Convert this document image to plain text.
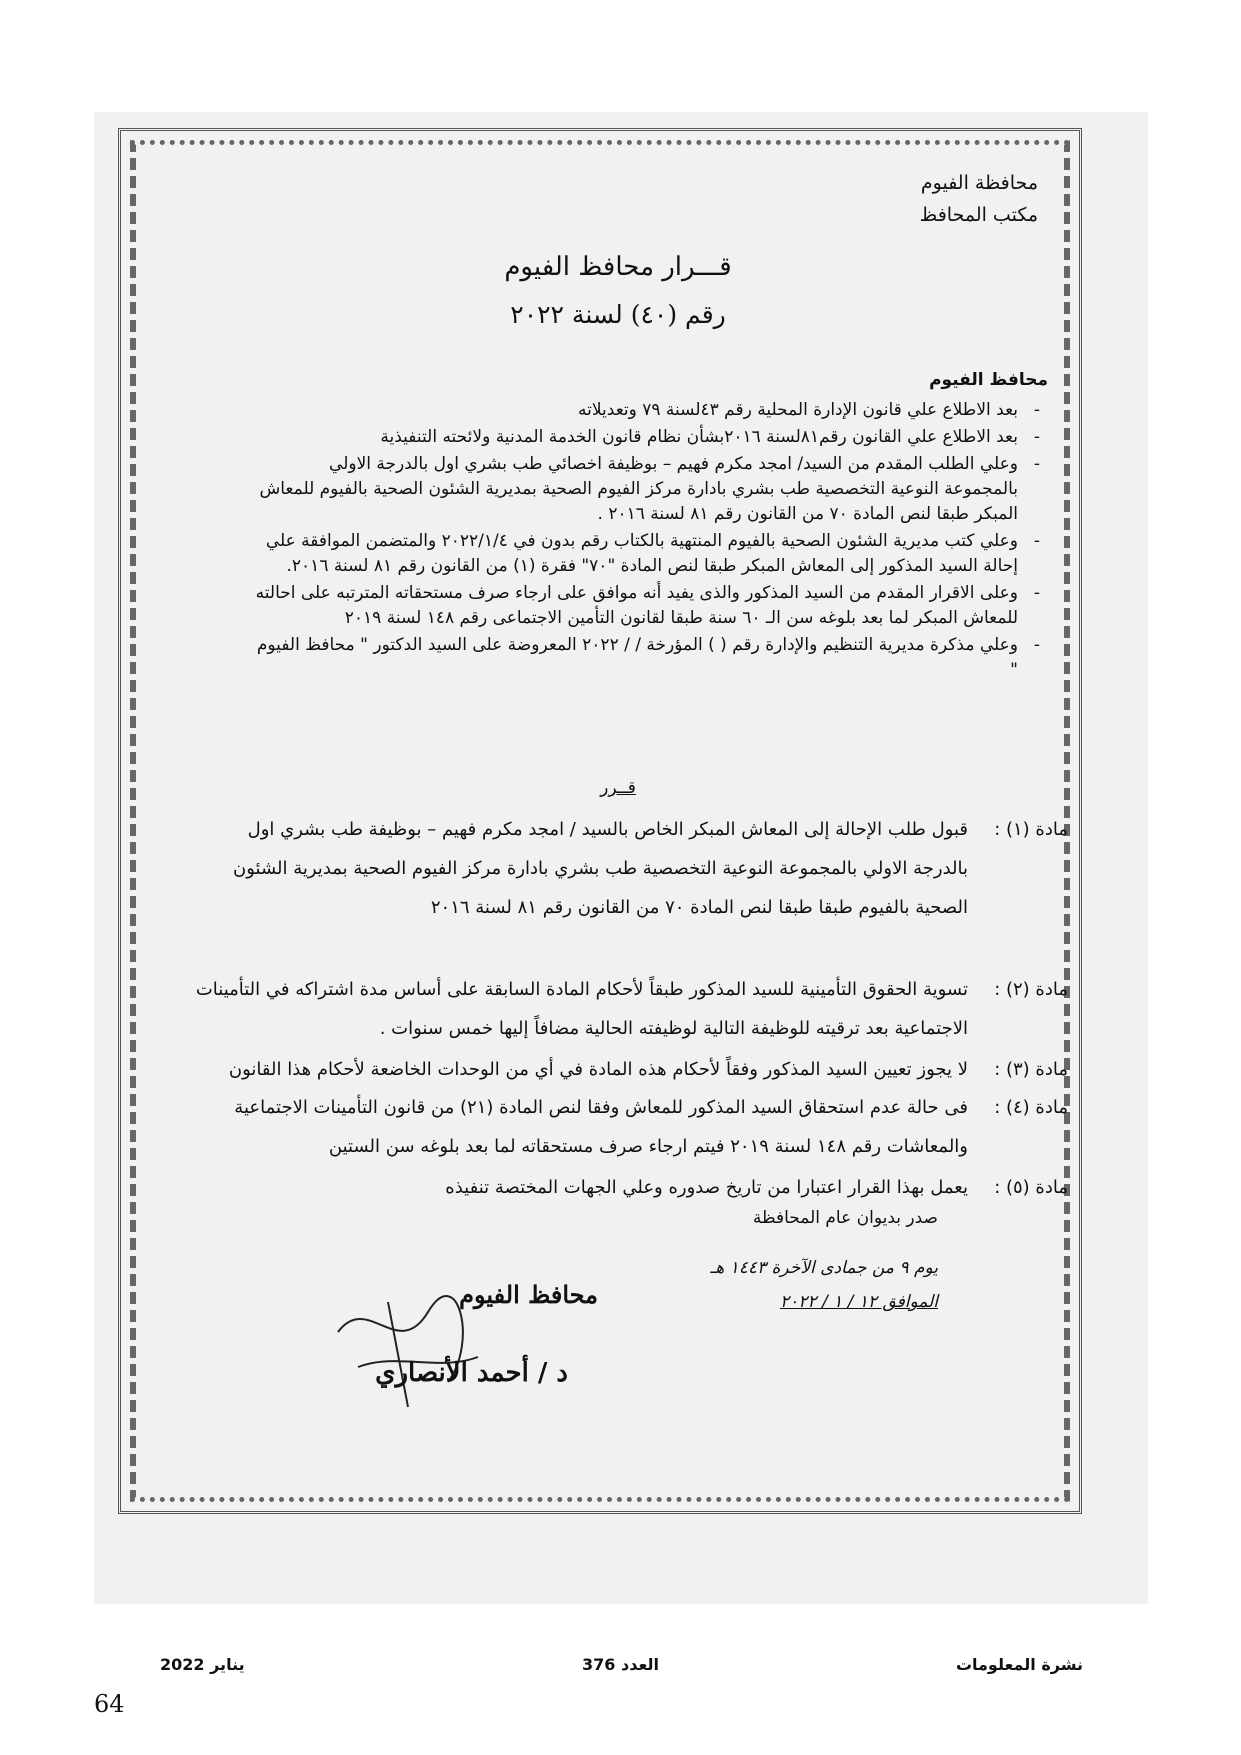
محافظة الفيوم
مكتب المحافظ
قـــرار محافظ الفيوم
رقم (٤٠) لسنة ٢٠٢٢
محافظ الفيوم
- بعد الاطلاع علي قانون الإدارة المحلية رقم ٤٣لسنة ٧٩ وتعديلاته
- بعد الاطلاع علي القانون رقم٨١لسنة ٢٠١٦بشأن نظام قانون الخدمة المدنية ولائحته التنفيذية
- وعلي الطلب المقدم من السيد/ امجد مكرم فهيم – بوظيفة اخصائي طب بشري اول بالدرجة الاولي بالمجموعة النوعية التخصصية طب بشري بادارة مركز الفيوم الصحية بمديرية الشئون الصحية بالفيوم للمعاش المبكر طبقا لنص المادة ٧٠ من القانون رقم ٨١ لسنة ٢٠١٦ .
- وعلي كتب مديرية الشئون الصحية بالفيوم المنتهية بالكتاب رقم بدون في ٢٠٢٢/١/٤ والمتضمن الموافقة علي إحالة السيد المذكور إلى المعاش المبكر طبقا لنص المادة "٧٠" فقرة (١) من القانون رقم ٨١ لسنة ٢٠١٦.
- وعلى الاقرار المقدم من السيد المذكور والذى يفيد أنه موافق على ارجاء صرف مستحقاته المترتبه على احالته للمعاش المبكر لما بعد بلوغه سن الـ ٦٠ سنة طبقا لقانون التأمين الاجتماعى رقم ١٤٨ لسنة ٢٠١٩
- وعلي مذكرة مديرية التنظيم والإدارة رقم ( ) المؤرخة / / ٢٠٢٢ المعروضة على السيد الدكتور " محافظ الفيوم "
قــرر
مادة (١) :
قبول طلب الإحالة إلى المعاش المبكر الخاص بالسيد / امجد مكرم فهيم – بوظيفة طب بشري اول بالدرجة الاولي بالمجموعة النوعية التخصصية طب بشري بادارة مركز الفيوم الصحية بمديرية الشئون الصحية بالفيوم طبقا طبقا لنص المادة ٧٠ من القانون رقم ٨١ لسنة ٢٠١٦
مادة (٢) :
تسوية الحقوق التأمينية للسيد المذكور طبقاً لأحكام المادة السابقة على أساس مدة اشتراكه في التأمينات الاجتماعية بعد ترقيته للوظيفة التالية لوظيفته الحالية مضافاً إليها خمس سنوات .
مادة (٣) :
لا يجوز تعيين السيد المذكور وفقاً لأحكام هذه المادة في أي من الوحدات الخاضعة لأحكام هذا القانون
مادة (٤) :
فى حالة عدم استحقاق السيد المذكور للمعاش وفقا لنص المادة (٢١) من قانون التأمينات الاجتماعية والمعاشات رقم ١٤٨ لسنة ٢٠١٩ فيتم ارجاء صرف مستحقاته لما بعد بلوغه سن الستين
مادة (٥) :
يعمل بهذا القرار اعتبارا من تاريخ صدوره وعلي الجهات المختصة تنفيذه
صدر بديوان عام المحافظة
يوم ٩ من جمادى الآخرة ١٤٤٣ هـ
الموافق ١٢ / ١ / ٢٠٢٢
محافظ الفيوم
د / أحمد الأنصاري
نشرة المعلومات
العدد 376
يناير 2022
64
